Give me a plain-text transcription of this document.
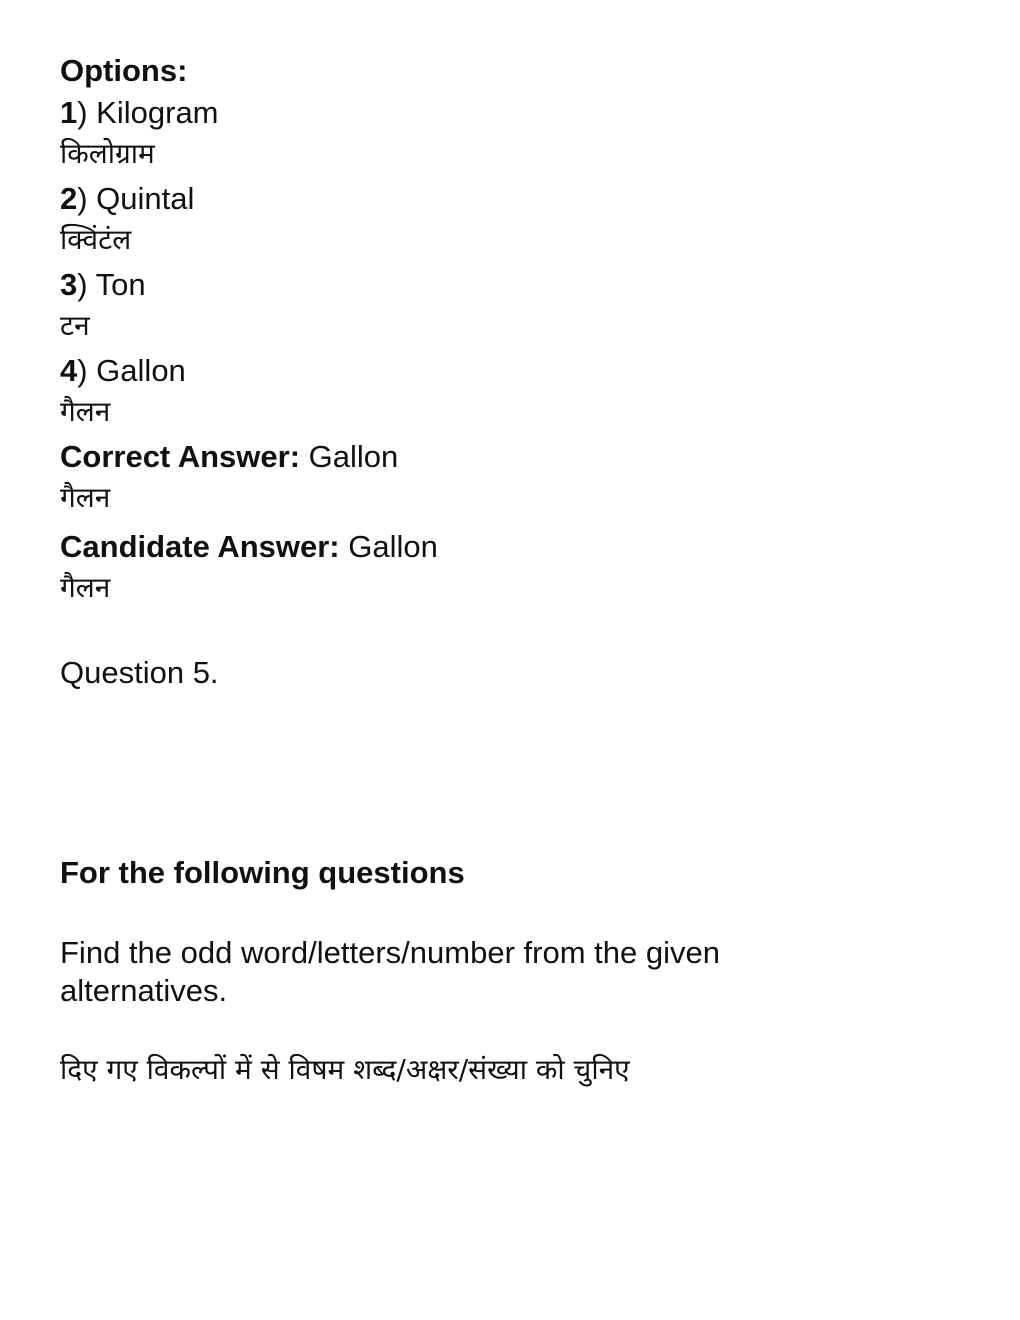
Options:
1) Kilogram
किलोग्राम
2) Quintal
क्विंटंल
3) Ton
टन
4) Gallon
गैलन
Correct Answer: Gallon
गैलन
Candidate Answer: Gallon
गैलन
Question 5.
For the following questions
Find the odd word/letters/number from the given alternatives.
दिए गए विकल्पों में से विषम शब्द/अक्षर/संख्या को चुनिए
